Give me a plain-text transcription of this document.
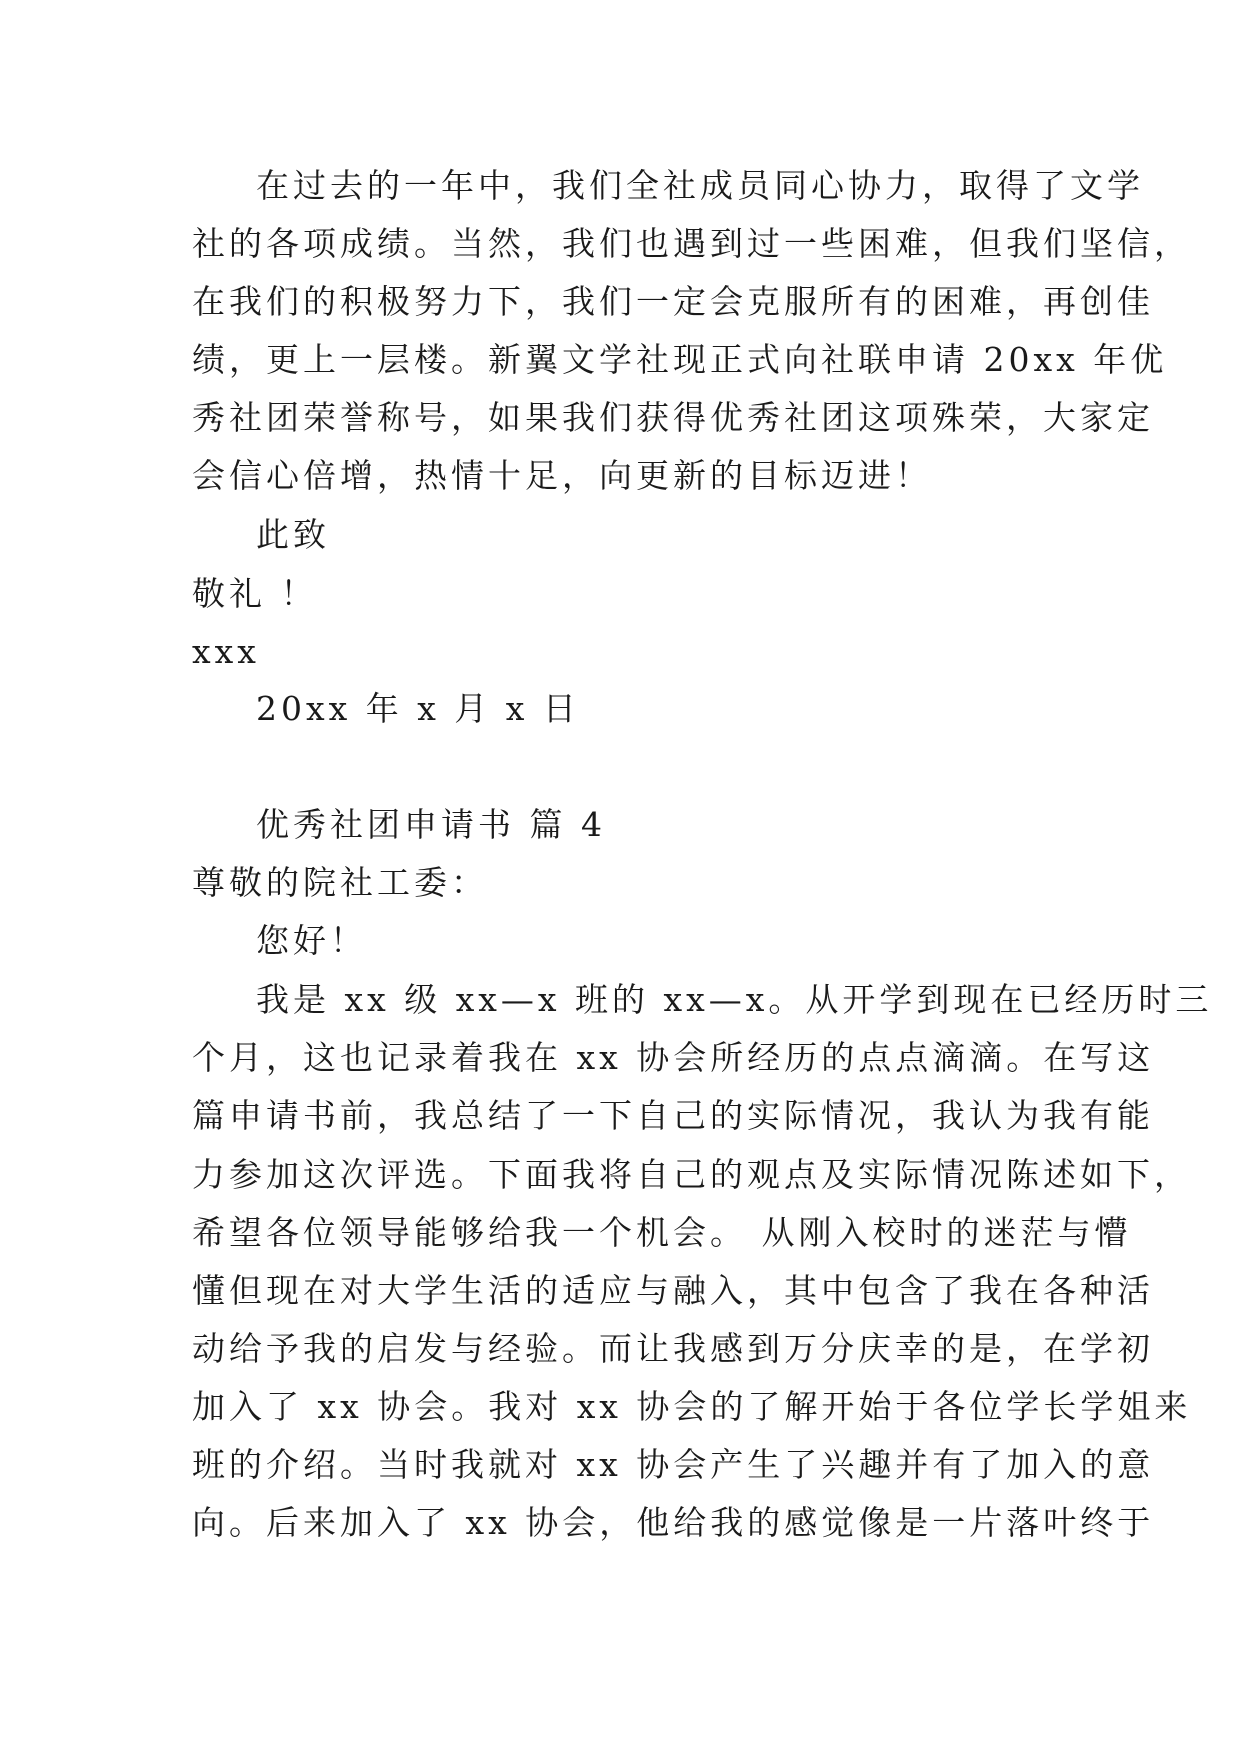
在过去的一年中，我们全社成员同心协力，取得了文学
社的各项成绩。当然，我们也遇到过一些困难，但我们坚信，
在我们的积极努力下，我们一定会克服所有的困难，再创佳
绩，更上一层楼。新翼文学社现正式向社联申请 20xx 年优
秀社团荣誉称号，如果我们获得优秀社团这项殊荣，大家定
会信心倍增，热情十足，向更新的目标迈进！
此致
敬礼 ！
xxx
20xx 年 x 月 x 日
优秀社团申请书 篇 4
尊敬的院社工委：
您好！
我是 xx 级 xx—x 班的 xx—x。从开学到现在已经历时三
个月，这也记录着我在 xx 协会所经历的点点滴滴。在写这
篇申请书前，我总结了一下自己的实际情况，我认为我有能
力参加这次评选。下面我将自己的观点及实际情况陈述如下，
希望各位领导能够给我一个机会。 从刚入校时的迷茫与懵
懂但现在对大学生活的适应与融入，其中包含了我在各种活
动给予我的启发与经验。而让我感到万分庆幸的是，在学初
加入了 xx 协会。我对 xx 协会的了解开始于各位学长学姐来
班的介绍。当时我就对 xx 协会产生了兴趣并有了加入的意
向。后来加入了 xx 协会，他给我的感觉像是一片落叶终于
